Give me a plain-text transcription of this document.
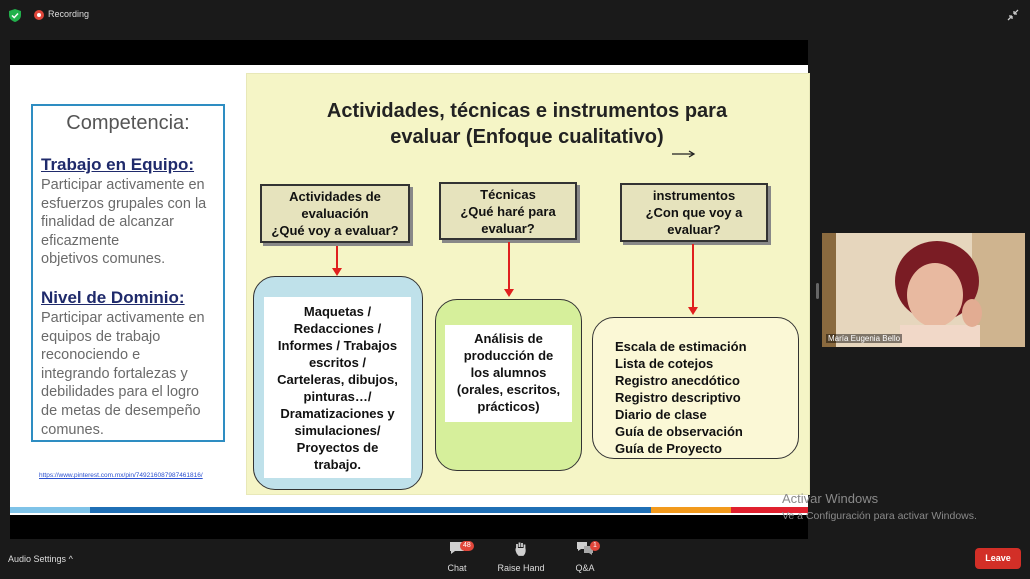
Recording
Competencia:
Trabajo en Equipo:
Participar activamente en
esfuerzos grupales con la
finalidad de alcanzar
eficazmente
objetivos comunes.
Nivel de Dominio:
Participar activamente en
equipos de trabajo
reconociendo e
integrando fortalezas y
debilidades para el logro
de metas de desempeño
comunes.
https://www.pinterest.com.mx/pin/749216087987461816/
Actividades, técnicas e instrumentos para
evaluar (Enfoque cualitativo)
Actividades de
evaluación
¿Qué voy a evaluar?
Técnicas
¿Qué haré para
evaluar?
instrumentos
¿Con que voy a
evaluar?
Maquetas /
Redacciones /
Informes / Trabajos
escritos /
Carteleras, dibujos,
pinturas…/
Dramatizaciones y
simulaciones/
Proyectos de
trabajo.
Análisis de
producción de
los alumnos
(orales, escritos,
prácticos)
Escala de estimación
Lista de cotejos
Registro anecdótico
Registro descriptivo
Diario de clase
Guía de observación
Guía de Proyecto
María Eugenia Bello
Activar Windows
Ve a Configuración para activar Windows.
Audio Settings ^
Chat
48
Raise Hand	Q&A
1
Leave
